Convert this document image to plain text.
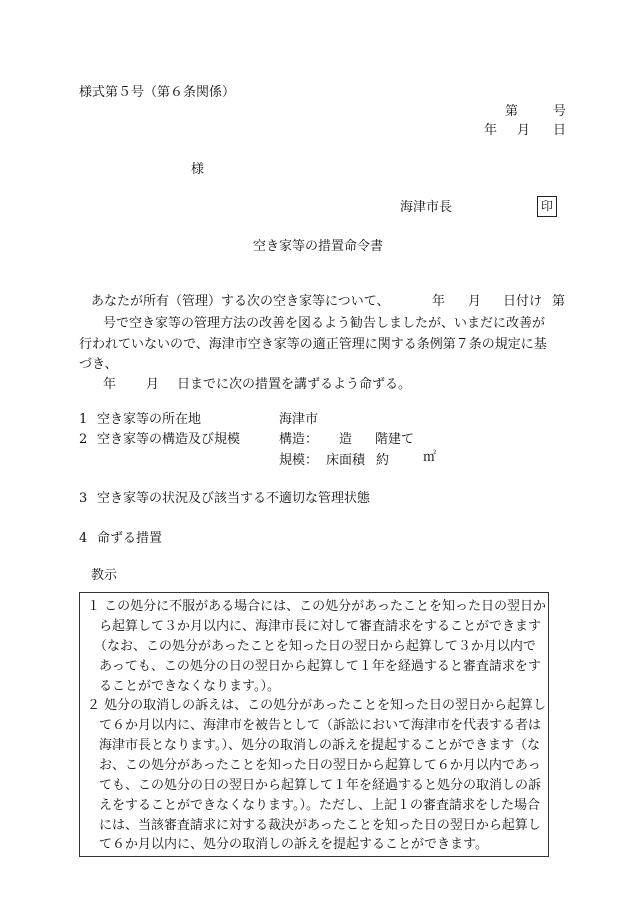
様式第５号（第６条関係）
第	号
年 月 日
様
海津市長	印
空き家等の措置命令書
あなたが所有（管理）する次の空き家等について、	年 月 日付け 第
号で空き家等の管理方法の改善を図るよう勧告しましたが、いまだに改善が
行われていないので、海津市空き家等の適正管理に関する条例第７条の規定に基
づき、
年 月 日までに次の措置を講ずるよう命ずる。
1 空き家等の所在地	海津市
2 空き家等の構造及び規模	構造： 造 階建て
規模： 床面積 約	㎡
3 空き家等の状況及び該当する不適切な管理状態
4 命ずる措置
教示
１ この処分に不服がある場合には、この処分があったことを知った日の翌日か
ら起算して３か月以内に、海津市長に対して審査請求をすることができます
（なお、この処分があったことを知った日の翌日から起算して３か月以内で
あっても、この処分の日の翌日から起算して１年を経過すると審査請求をす
ることができなくなります。）。
２ 処分の取消しの訴えは、この処分があったことを知った日の翌日から起算し
て６か月以内に、海津市を被告として（訴訟において海津市を代表する者は
海津市長となります。）、処分の取消しの訴えを提起することができます（な
お、この処分があったことを知った日の翌日から起算して６か月以内であっ
ても、この処分の日の翌日から起算して１年を経過すると処分の取消しの訴
えをすることができなくなります。）。ただし、上記１の審査請求をした場合
には、当該審査請求に対する裁決があったことを知った日の翌日から起算し
て６か月以内に、処分の取消しの訴えを提起することができます。
